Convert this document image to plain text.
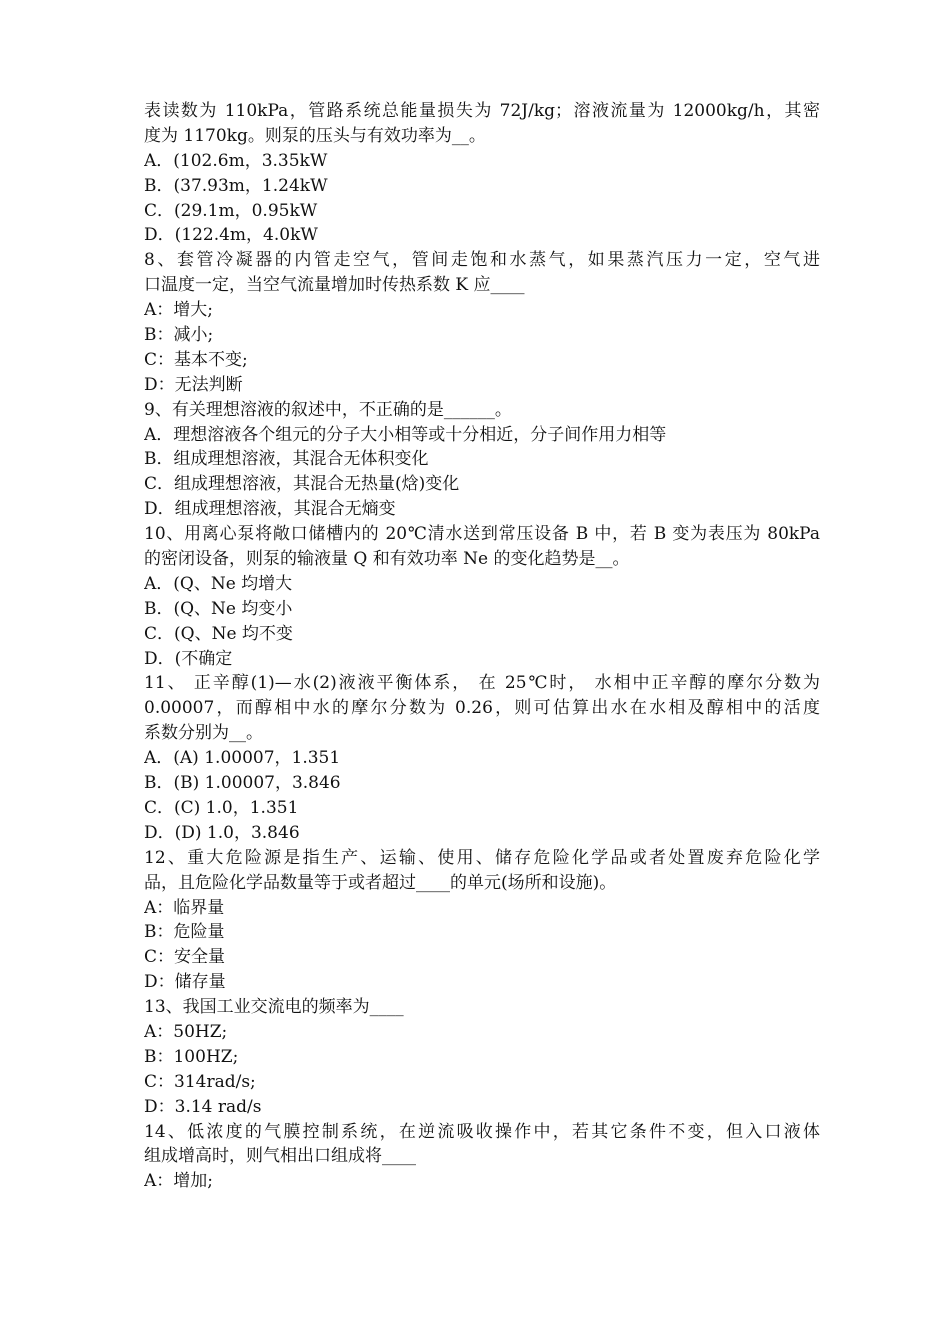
表读数为 110kPa，管路系统总能量损失为 72J/kg；溶液流量为 12000kg/h，其密
度为 1170kg。则泵的压头与有效功率为__。
A．(102.6m，3.35kW
B．(37.93m，1.24kW
C．(29.1m，0.95kW
D．(122.4m，4.0kW
8、套管冷凝器的内管走空气，管间走饱和水蒸气，如果蒸汽压力一定，空气进
口温度一定，当空气流量增加时传热系数 K 应____
A：增大;
B：减小;
C：基本不变;
D：无法判断
9、有关理想溶液的叙述中，不正确的是______。
A．理想溶液各个组元的分子大小相等或十分相近，分子间作用力相等
B．组成理想溶液，其混合无体积变化
C．组成理想溶液，其混合无热量(焓)变化
D．组成理想溶液，其混合无熵变
10、用离心泵将敞口储槽内的 20℃清水送到常压设备 B 中，若 B 变为表压为 80kPa
的密闭设备，则泵的输液量 Q 和有效功率 Ne 的变化趋势是__。
A．(Q、Ne 均增大
B．(Q、Ne 均变小
C．(Q、Ne 均不变
D．(不确定
11、 正辛醇(1)—水(2)液液平衡体系， 在 25℃时， 水相中正辛醇的摩尔分数为
0.00007，而醇相中水的摩尔分数为 0.26，则可估算出水在水相及醇相中的活度
系数分别为__。
A．(A) 1.00007，1.351
B．(B) 1.00007，3.846
C．(C) 1.0，1.351
D．(D) 1.0，3.846
12、重大危险源是指生产、运输、使用、储存危险化学品或者处置废弃危险化学
品，且危险化学品数量等于或者超过____的单元(场所和设施)。
A：临界量
B：危险量
C：安全量
D：储存量
13、我国工业交流电的频率为____
A：50HZ;
B：100HZ;
C：314rad/s;
D：3.14 rad/s
14、低浓度的气膜控制系统，在逆流吸收操作中，若其它条件不变，但入口液体
组成增高时，则气相出口组成将____
A：增加;
